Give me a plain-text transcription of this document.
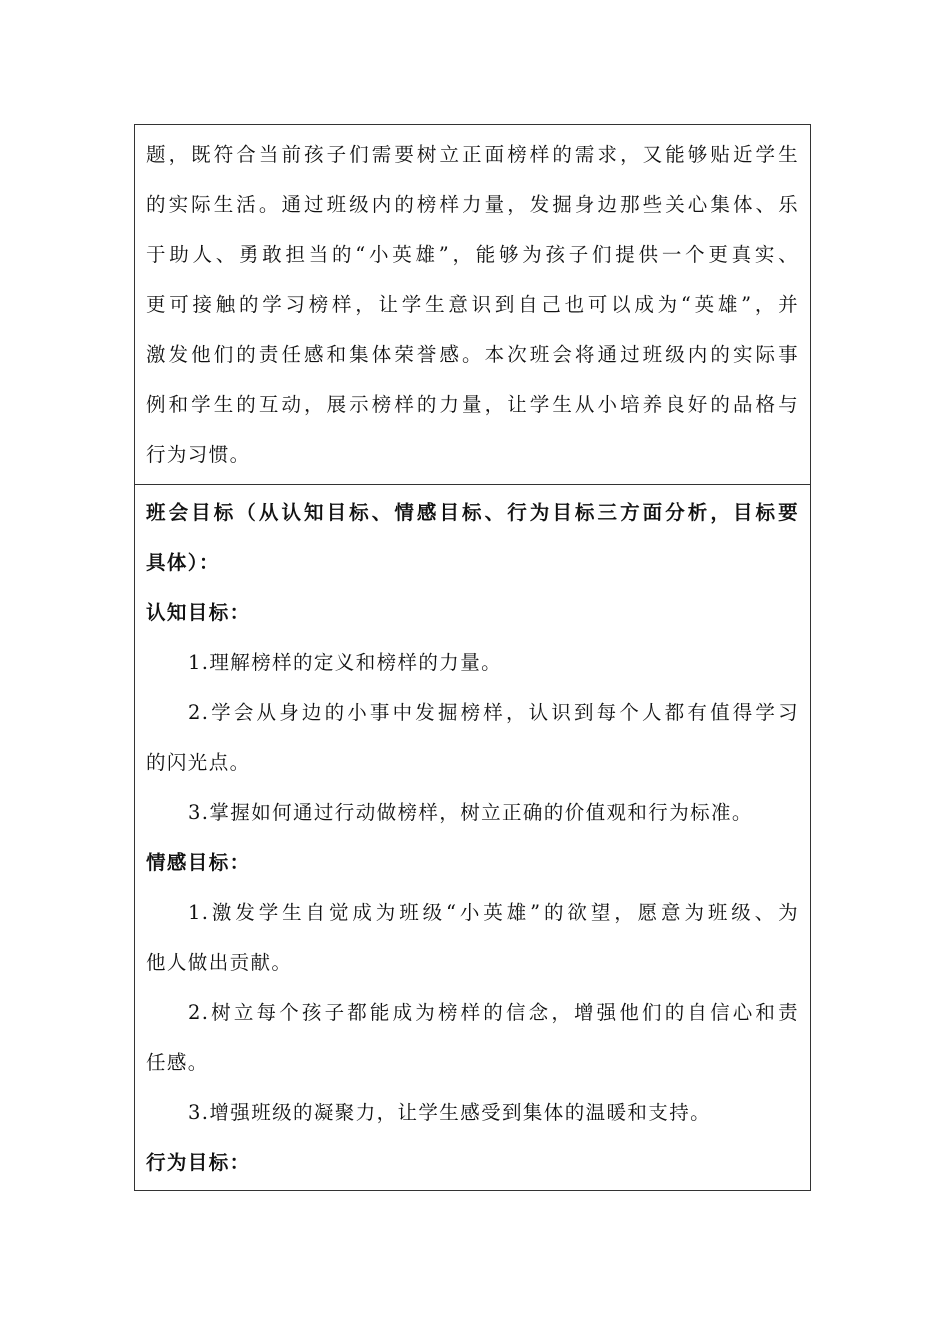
题，既符合当前孩子们需要树立正面榜样的需求，又能够贴近学生
的实际生活。通过班级内的榜样力量，发掘身边那些关心集体、乐
于助人、勇敢担当的“小英雄”，能够为孩子们提供一个更真实、
更可接触的学习榜样，让学生意识到自己也可以成为“英雄”，并
激发他们的责任感和集体荣誉感。本次班会将通过班级内的实际事
例和学生的互动，展示榜样的力量，让学生从小培养良好的品格与
行为习惯。
班会目标（从认知目标、情感目标、行为目标三方面分析，目标要
具体）：
认知目标：
1.理解榜样的定义和榜样的力量。
2.学会从身边的小事中发掘榜样，认识到每个人都有值得学习
的闪光点。
3.掌握如何通过行动做榜样，树立正确的价值观和行为标准。
情感目标：
1.激发学生自觉成为班级“小英雄”的欲望，愿意为班级、为
他人做出贡献。
2.树立每个孩子都能成为榜样的信念，增强他们的自信心和责
任感。
3.增强班级的凝聚力，让学生感受到集体的温暖和支持。
行为目标：
